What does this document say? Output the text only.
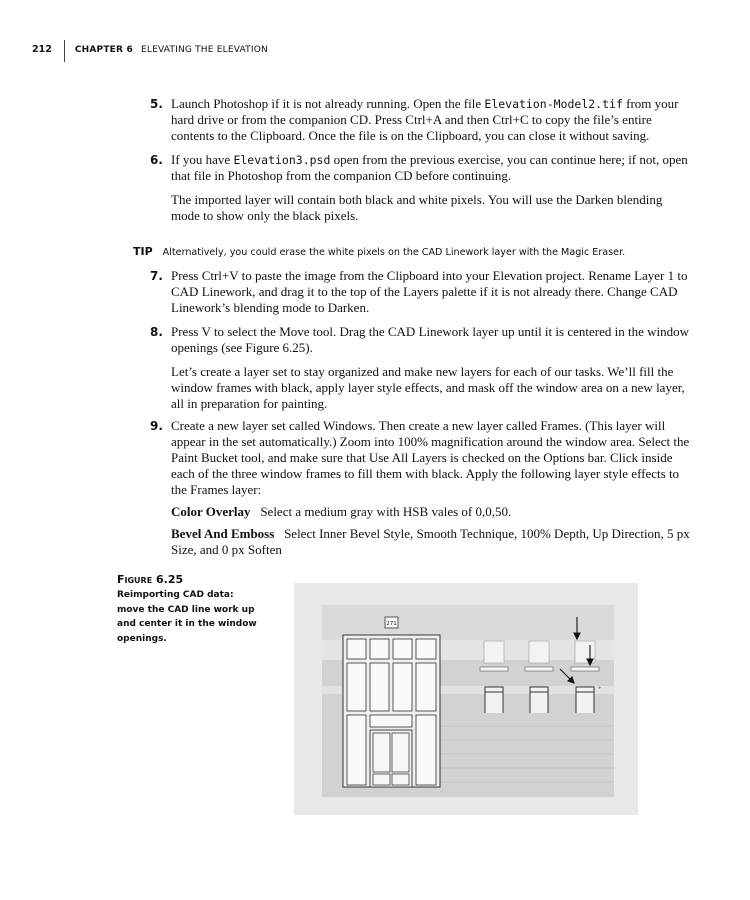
212	CHAPTER 6 ELEVATING THE ELEVATION
5. Launch Photoshop if it is not already running. Open the file Elevation-Model2.tif from your hard drive or from the companion CD. Press Ctrl+A and then Ctrl+C to copy the file’s entire contents to the Clipboard. Once the file is on the Clipboard, you can close it without saving.
6. If you have Elevation3.psd open from the previous exercise, you can continue here; if not, open that file in Photoshop from the companion CD before continuing.
The imported layer will contain both black and white pixels. You will use the Darken blending mode to show only the black pixels.
TIP Alternatively, you could erase the white pixels on the CAD Linework layer with the Magic Eraser.
7. Press Ctrl+V to paste the image from the Clipboard into your Elevation project. Rename Layer 1 to CAD Linework, and drag it to the top of the Layers palette if it is not already there. Change CAD Linework’s blending mode to Darken.
8. Press V to select the Move tool. Drag the CAD Linework layer up until it is centered in the window openings (see Figure 6.25).
Let’s create a layer set to stay organized and make new layers for each of our tasks. We’ll fill the window frames with black, apply layer style effects, and mask off the window area on a new layer, all in preparation for painting.
9. Create a new layer set called Windows. Then create a new layer called Frames. (This layer will appear in the set automatically.) Zoom into 100% magnification around the window area. Select the Paint Bucket tool, and make sure that Use All Layers is checked on the Options bar. Click inside each of the three window frames to fill them with black. Apply the following layer style effects to the Frames layer:
Color Overlay Select a medium gray with HSB vales of 0,0,50.
Bevel And Emboss Select Inner Bevel Style, Smooth Technique, 100% Depth, Up Direction, 5 px Size, and 0 px Soften
Figure 6.25
Reimporting CAD data: move the CAD line work up and center it in the window openings.
271
+
